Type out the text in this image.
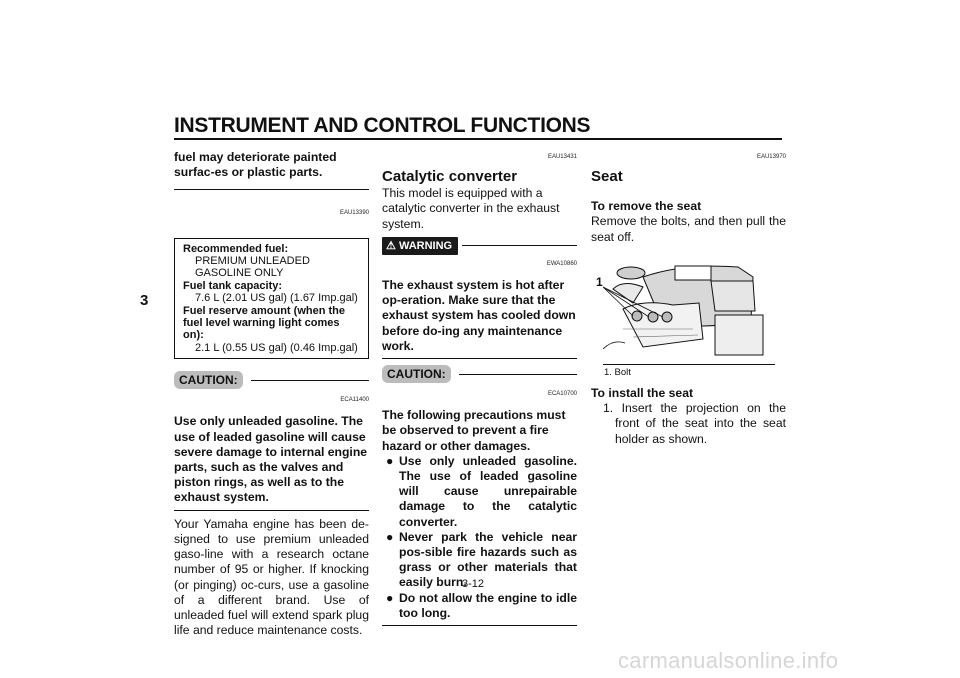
INSTRUMENT AND CONTROL FUNCTIONS
3
fuel may deteriorate painted surfac-es or plastic parts.
EAU13390
Recommended fuel:
PREMIUM UNLEADED GASOLINE ONLY
Fuel tank capacity:
7.6 L (2.01 US gal) (1.67 Imp.gal)
Fuel reserve amount (when the fuel level warning light comes on):
2.1 L (0.55 US gal) (0.46 Imp.gal)
CAUTION:
ECA11400
Use only unleaded gasoline. The use of leaded gasoline will cause severe damage to internal engine parts, such as the valves and piston rings, as well as to the exhaust system.
Your Yamaha engine has been de-signed to use premium unleaded gaso-line with a research octane number of 95 or higher. If knocking (or pinging) oc-curs, use a gasoline of a different brand. Use of unleaded fuel will extend spark plug life and reduce maintenance costs.
EAU13431
Catalytic converter
This model is equipped with a catalytic converter in the exhaust system.
⚠ WARNING
EWA10860
The exhaust system is hot after op-eration. Make sure that the exhaust system has cooled down before do-ing any maintenance work.
CAUTION:
ECA10700
The following precautions must be observed to prevent a fire hazard or other damages.
● Use only unleaded gasoline. The use of leaded gasoline will cause unrepairable damage to the catalytic converter.
● Never park the vehicle near pos-sible fire hazards such as grass or other materials that easily burn.
● Do not allow the engine to idle too long.
EAU13970
Seat
To remove the seat
Remove the bolts, and then pull the seat off.
1
1. Bolt
To install the seat
1. Insert the projection on the front of the seat into the seat holder as shown.
3-12
carmanualsonline.info
